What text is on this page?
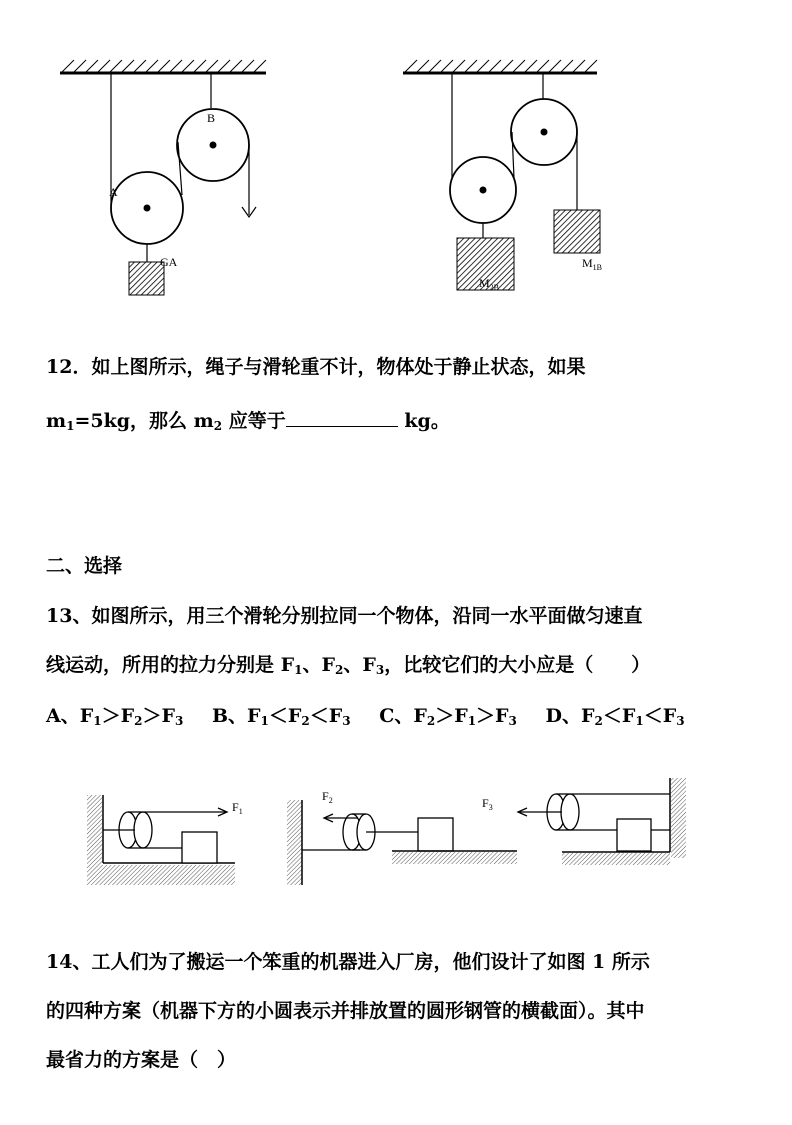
B
A
GA	$M_{1B}$
$M_{2B}$
12．如上图所示，绳子与滑轮重不计，物体处于静止状态，如果
$m_1=5kg$，那么 $m_2$ 应等于	kg。
二、选择
13、如图所示，用三个滑轮分别拉同一个物体，沿同一水平面做匀速直
线运动，所用的拉力分别是 $F_1$、$F_2$、$F_3$，比较它们的大小应是（　　）
A、$F_1>F_2>F_3$ B、$F_1<F_2<F_3$ C、$F_2>F_1>F_3$ D、$F_2<F_1<F_3$
$F_1$
$F_2$	$F_3$
14、工人们为了搬运一个笨重的机器进入厂房，他们设计了如图 1 所示
的四种方案（机器下方的小圆表示并排放置的圆形钢管的横截面）。其中
最省力的方案是（　）
